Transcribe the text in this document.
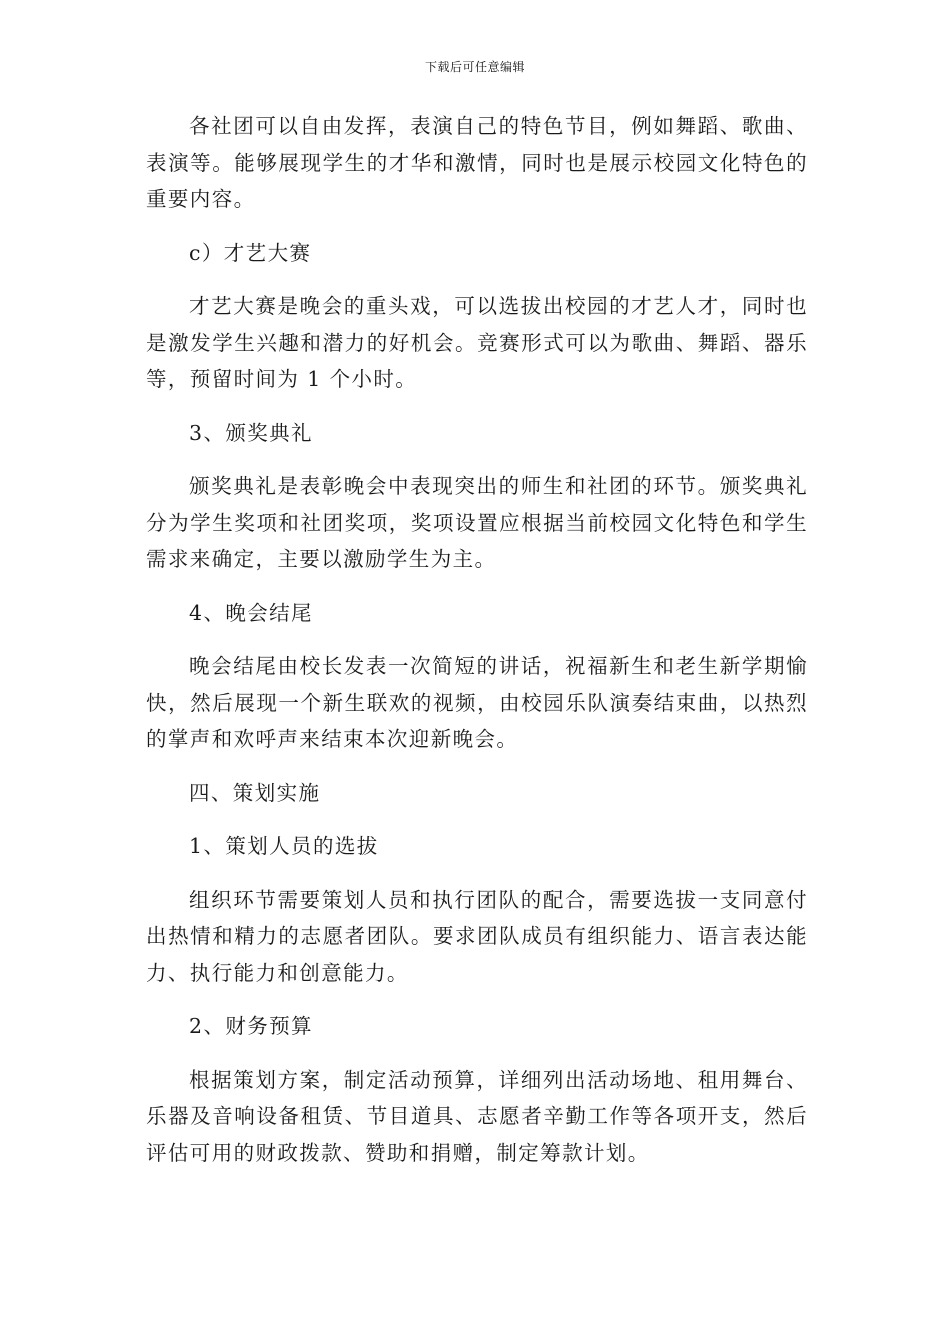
下载后可任意编辑

各社团可以自由发挥，表演自己的特色节目，例如舞蹈、歌曲、表演等。能够展现学生的才华和激情，同时也是展示校园文化特色的重要内容。

c）才艺大赛

才艺大赛是晚会的重头戏，可以选拔出校园的才艺人才，同时也是激发学生兴趣和潜力的好机会。竞赛形式可以为歌曲、舞蹈、器乐等，预留时间为 1 个小时。

3、颁奖典礼

颁奖典礼是表彰晚会中表现突出的师生和社团的环节。颁奖典礼分为学生奖项和社团奖项，奖项设置应根据当前校园文化特色和学生需求来确定，主要以激励学生为主。

4、晚会结尾

晚会结尾由校长发表一次简短的讲话，祝福新生和老生新学期愉快，然后展现一个新生联欢的视频，由校园乐队演奏结束曲，以热烈的掌声和欢呼声来结束本次迎新晚会。

四、策划实施

1、策划人员的选拔

组织环节需要策划人员和执行团队的配合，需要选拔一支同意付出热情和精力的志愿者团队。要求团队成员有组织能力、语言表达能力、执行能力和创意能力。

2、财务预算

根据策划方案，制定活动预算，详细列出活动场地、租用舞台、乐器及音响设备租赁、节目道具、志愿者辛勤工作等各项开支，然后评估可用的财政拨款、赞助和捐赠，制定筹款计划。
